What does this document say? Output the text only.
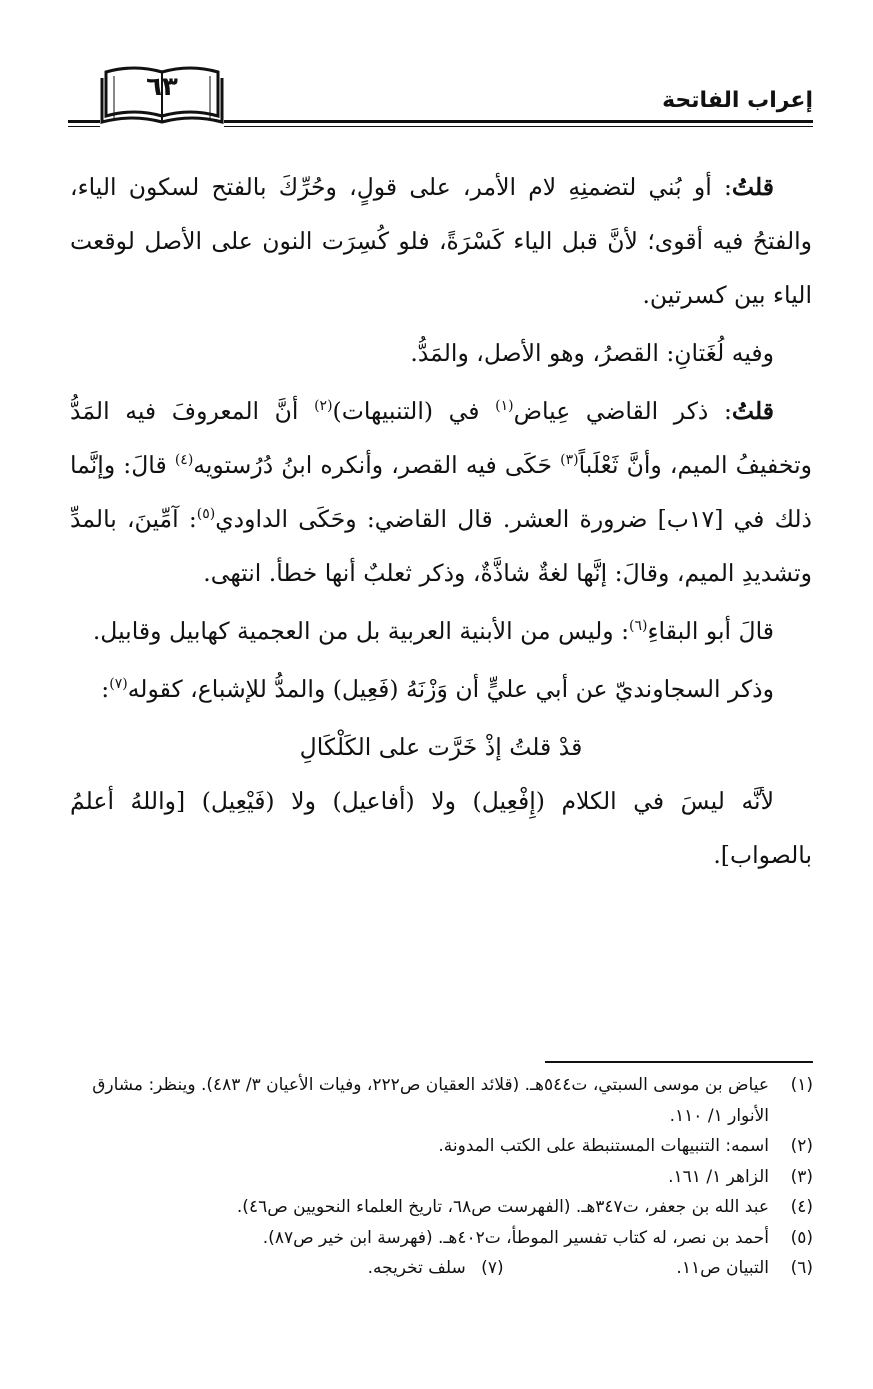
إعراب الفاتحة
٦٣

قلتُ: أو بُني لتضمنِهِ لام الأمر، على قولٍ، وحُرِّكَ بالفتح لسكون الياء، والفتحُ فيه أقوى؛ لأنَّ قبل الياء كَسْرَةً، فلو كُسِرَت النون على الأصل لوقعت الياء بين كسرتين.

وفيه لُغَتانِ: القصرُ، وهو الأصل، والمَدُّ.

قلتُ: ذكر القاضي عِياض$^{(١)}$ في (التنبيهات)$^{(٢)}$ أنَّ المعروفَ فيه المَدُّ وتخفيفُ الميم، وأنَّ ثَعْلَباً$^{(٣)}$ حَكَى فيه القصر، وأنكره ابنُ دُرُستويه$^{(٤)}$ قالَ: وإنَّما ذلك في [١٧ب] ضرورة العشر. قال القاضي: وحَكَى الداودي$^{(٥)}$: آمِّينَ، بالمدِّ وتشديدِ الميم، وقالَ: إنَّها لغةٌ شاذَّةٌ، وذكر ثعلبٌ أنها خطأ. انتهى.

قالَ أبو البقاءِ$^{(٦)}$: وليس من الأبنية العربية بل من العجمية كهابيل وقابيل.

وذكر السجاونديّ عن أبي عليٍّ أن وَزْنَهُ (فَعِيل) والمدُّ للإشباع، كقوله$^{(٧)}$:

قدْ قلتُ إذْ خَرَّت على الكَلْكَالِ

لأنَّه ليسَ في الكلام (إِفْعِيل) ولا (أفاعيل) ولا (فَيْعِيل) [واللهُ أعلمُ بالصواب].

(١)
عياض بن موسى السبتي، ت٥٤٤هـ. (قلائد العقيان ص٢٢٢، وفيات الأعيان ٣/ ٤٨٣). وينظر: مشارق الأنوار ١/ ١١٠.
(٢)
اسمه: التنبيهات المستنبطة على الكتب المدونة.
(٣)
الزاهر ١/ ١٦١.
(٤)
عبد الله بن جعفر، ت٣٤٧هـ. (الفهرست ص٦٨، تاريخ العلماء النحويين ص٤٦).
(٥)
أحمد بن نصر، له كتاب تفسير الموطأ، ت٤٠٢هـ. (فهرسة ابن خير ص٨٧).
(٦)
التبيان ص١١. (٧) سلف تخريجه.
